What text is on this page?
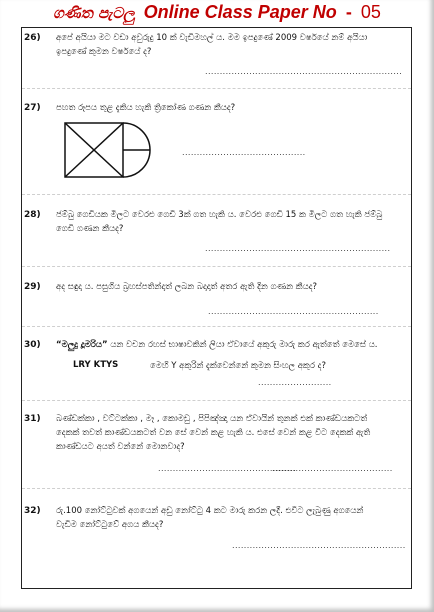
ගණිත පැටලු Online Class Paper No - 05
26) අපේ අයියා මට වඩා අවුරුදු 10 ක් වැඩිමහල් ය. මම ඉපදුණේ 2009 වර්ෂයේ නම් අයියා
ඉපදුණේ කුමන වර්ෂයේ ද?
...................................................................
27) පහත රූපය තුළ දැකිය හැකි ත්‍රිකෝණ ගණන කීයද?
..........................................
28) ජම්බු ගෙඩියක මිලට වෙරළු ගෙඩි 3ක් ගත හැකි ය. වෙරළු ගෙඩි 15 ක මිලට ගත හැකි ජම්බු
ගෙඩි ගණන කීයද?
...............................................................
29) අද සඳුදා ය. පසුගිය බ්‍රහස්පතින්දාත් ලබන බදාදාත් අතර ඇති දින ගණන කීයද?
..........................................................
30) “මලුදු දූමරිය” යන වචන රහස් භාෂාවකින් ලියා ඒවායේ අකුරු මාරු කර ඇත්තේ මෙසේ ය.
LRY KTYS	මෙහි Y අකුරින් දැක්වෙන්නේ කුමන සිංහල අකුර ද?
.........................
31) බණ්ඩක්කා , වට්ටක්කා , මෑ , කොමඩු , පිපිඤ්ඤා යන ඒවායින් තුනක් එක් කාණ්ඩයකටත්
දෙකක් තවත් කාණ්ඩයකටත් වන සේ වෙන් කළ හැකි ය. එසේ වෙන් කළ විට දෙකක් ඇති
කාණ්ඩයට අයත් වන්නේ මොනවාද?
...............................................
.........................................
32) රු.100 නෝට්ටුවක් අගයෙන් අඩු නෝට්ටු 4 කට මාරු කරන ලදී. එවිට ලැබුණු අගයෙන්
වැඩිම නෝට්ටුවේ අගය කීයද?
...........................................................
